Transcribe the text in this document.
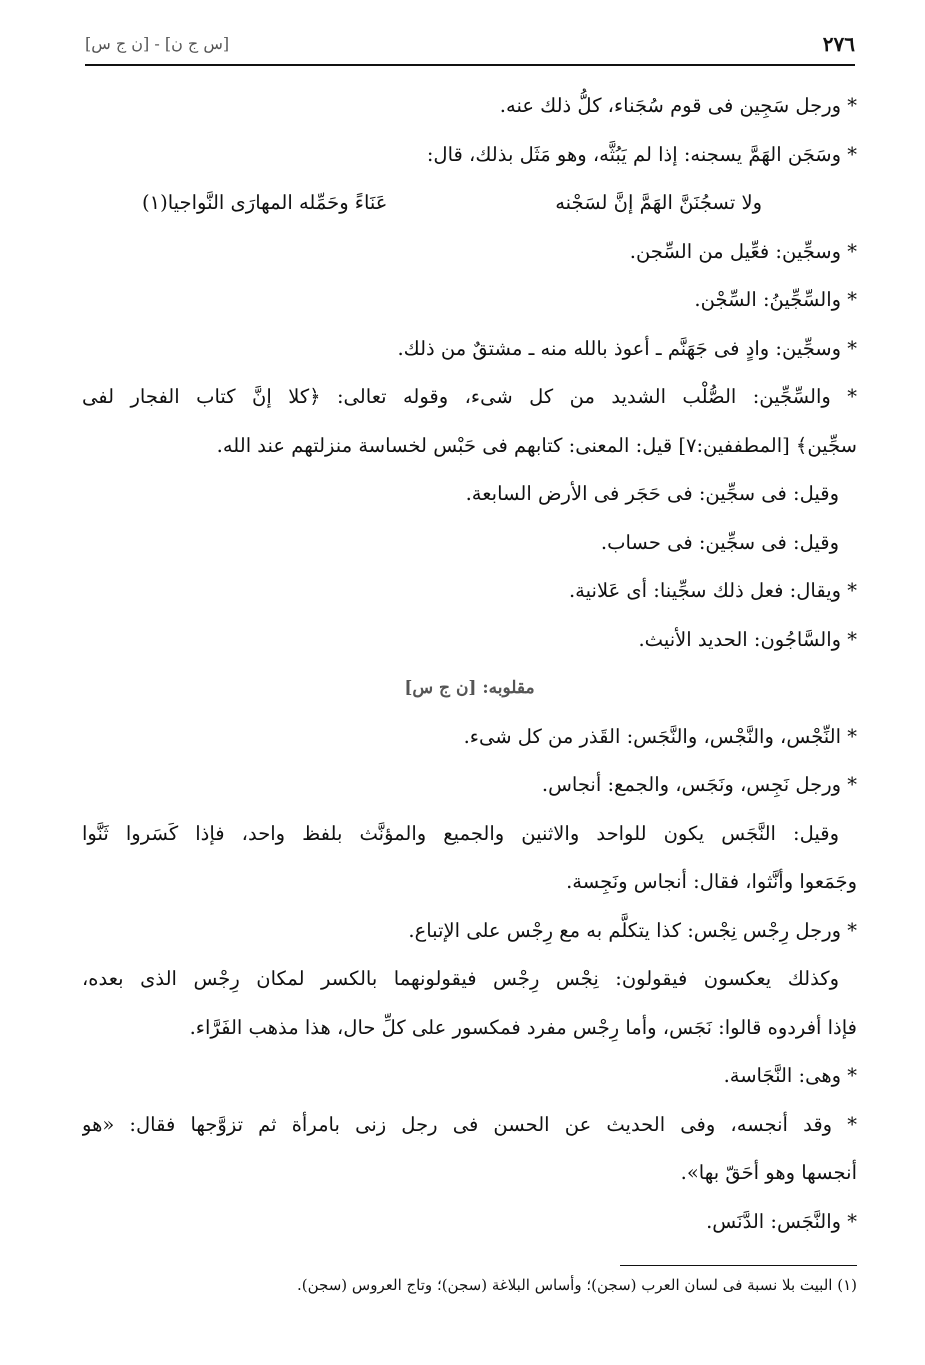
٢٧٦
[س ج ن] - [ن ج س]
* ورجل سَجِين فى قوم سُجَناء، كلُّ ذلك عنه.
* وسَجَن الهَمَّ يسجنه: إذا لم يَبُثَّه، وهو مَثَل بذلك، قال:
ولا تسجُنَنَّ الهَمَّ إنَّ لسَجْنه
عَنَاءً وحَمِّله المهارَى النَّواجيا(١)
* وسجِّين: فعِّيل من السِّجن.
* والسِّجِّينُ: السِّجْن.
* وسجِّين: وادٍ فى جَهَنَّم ـ أعوذ بالله منه ـ مشتقٌ من ذلك.
* والسِّجِّين: الصُّلْب الشديد من كل شىء، وقوله تعالى: ﴿كلا إنَّ كتاب الفجار لفى
سجِّين﴾ [المطففين:٧] قيل: المعنى: كتابهم فى حَبْس لخساسة منزلتهم عند الله.
وقيل: فى سجِّين: فى حَجَر فى الأرض السابعة.
وقيل: فى سجِّين: فى حساب.
* ويقال: فعل ذلك سجِّينا: أى عَلانية.
* والسَّاجُون: الحديد الأنيث.
مقلوبه: [ن ج س]
* النِّجْس، والنَّجْس، والنَّجَس: القَذر من كل شىء.
* ورجل نَجِس، ونَجَس، والجمع: أنجاس.
وقيل: النَّجَس يكون للواحد والاثنين والجميع والمؤنَّث بلفظ واحد، فإذا كَسَروا ثَنَّوا
وجَمَعوا وأنَّثوا، فقال: أنجاس ونَجِسة.
* ورجل رِجْس نِجْس: كذا يتكلَّم به مع رِجْس على الإتباع.
وكذلك يعكسون فيقولون: نِجْس رِجْس فيقولونهما بالكسر لمكان رِجْس الذى بعده،
فإذا أفردوه قالوا: نَجَس، وأما رِجْس مفرد فمكسور على كلِّ حال، هذا مذهب الفَرَّاء.
* وهى: النَّجَاسة.
* وقد أنجسه، وفى الحديث عن الحسن فى رجل زنى بامرأة ثم تزوَّجها فقال: «هو
أنجسها وهو أحَقّ بها».
* والنَّجَس: الدَّنَس.
(١) البيت بلا نسبة فى لسان العرب (سجن)؛ وأساس البلاغة (سجن)؛ وتاج العروس (سجن).
